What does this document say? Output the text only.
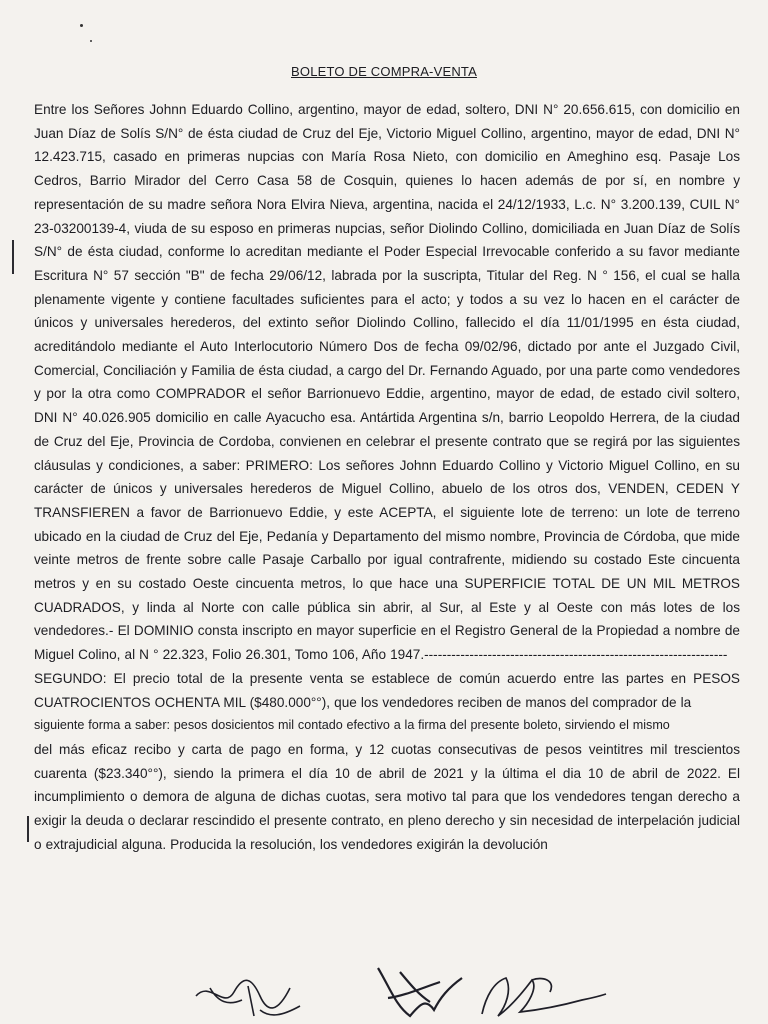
BOLETO DE COMPRA-VENTA

Entre los Señores Johnn Eduardo Collino, argentino, mayor de edad, soltero, DNI N° 20.656.615, con domicilio en Juan Díaz de Solís S/N° de ésta ciudad de Cruz del Eje, Victorio Miguel Collino, argentino, mayor de edad, DNI N° 12.423.715, casado en primeras nupcias con María Rosa Nieto, con domicilio en Ameghino esq. Pasaje Los Cedros, Barrio Mirador del Cerro Casa 58 de Cosquin, quienes lo hacen además de por sí, en nombre y representación de su madre señora Nora Elvira Nieva, argentina, nacida el 24/12/1933, L.c. N° 3.200.139, CUIL N° 23-03200139-4, viuda de su esposo en primeras nupcias, señor Diolindo Collino, domiciliada en Juan Díaz de Solís S/N° de ésta ciudad, conforme lo acreditan mediante el Poder Especial Irrevocable conferido a su favor mediante Escritura N° 57 sección "B" de fecha 29/06/12, labrada por la suscripta, Titular del Reg. N ° 156, el cual se halla plenamente vigente y contiene facultades suficientes para el acto; y todos a su vez lo hacen en el carácter de únicos y universales herederos, del extinto señor Diolindo Collino, fallecido el día 11/01/1995 en ésta ciudad, acreditándolo mediante el Auto Interlocutorio Número Dos de fecha 09/02/96, dictado por ante el Juzgado Civil, Comercial, Conciliación y Familia de ésta ciudad, a cargo del Dr. Fernando Aguado, por una parte como vendedores y por la otra como COMPRADOR el señor Barrionuevo Eddie, argentino, mayor de edad, de estado civil soltero, DNI N° 40.026.905 domicilio en calle Ayacucho esa. Antártida Argentina s/n, barrio Leopoldo Herrera, de la ciudad de Cruz del Eje, Provincia de Cordoba, convienen en celebrar el presente contrato que se regirá por las siguientes cláusulas y condiciones, a saber: PRIMERO: Los señores Johnn Eduardo Collino y Victorio Miguel Collino, en su carácter de únicos y universales herederos de Miguel Collino, abuelo de los otros dos, VENDEN, CEDEN Y TRANSFIEREN a favor de Barrionuevo Eddie, y este ACEPTA, el siguiente lote de terreno: un lote de terreno ubicado en la ciudad de Cruz del Eje, Pedanía y Departamento del mismo nombre, Provincia de Córdoba, que mide veinte metros de frente sobre calle Pasaje Carballo por igual contrafrente, midiendo su costado Este cincuenta metros y en su costado Oeste cincuenta metros, lo que hace una SUPERFICIE TOTAL DE UN MIL METROS CUADRADOS, y linda al Norte con calle pública sin abrir, al Sur, al Este y al Oeste con más lotes de los vendedores.- El DOMINIO consta inscripto en mayor superficie en el Registro General de la Propiedad a nombre de Miguel Colino, al N ° 22.323, Folio 26.301, Tomo 106, Año 1947.-------------------------------------------------------------------

SEGUNDO: El precio total de la presente venta se establece de común acuerdo entre las partes en PESOS CUATROCIENTOS OCHENTA MIL ($480.000°°), que los vendedores reciben de manos del comprador de la

siguiente forma a saber: pesos dosicientos mil contado efectivo a la firma del presente boleto, sirviendo el mismo

del más eficaz recibo y carta de pago en forma, y 12 cuotas consecutivas de pesos veintitres mil trescientos cuarenta ($23.340°°), siendo la primera el día 10 de abril de 2021 y la última el dia 10 de abril de 2022. El incumplimiento o demora de alguna de dichas cuotas, sera motivo tal para que los vendedores tengan derecho a exigir la deuda o declarar rescindido el presente contrato, en pleno derecho y sin necesidad de interpelación judicial o extrajudicial alguna. Producida la resolución, los vendedores exigirán la devolución
